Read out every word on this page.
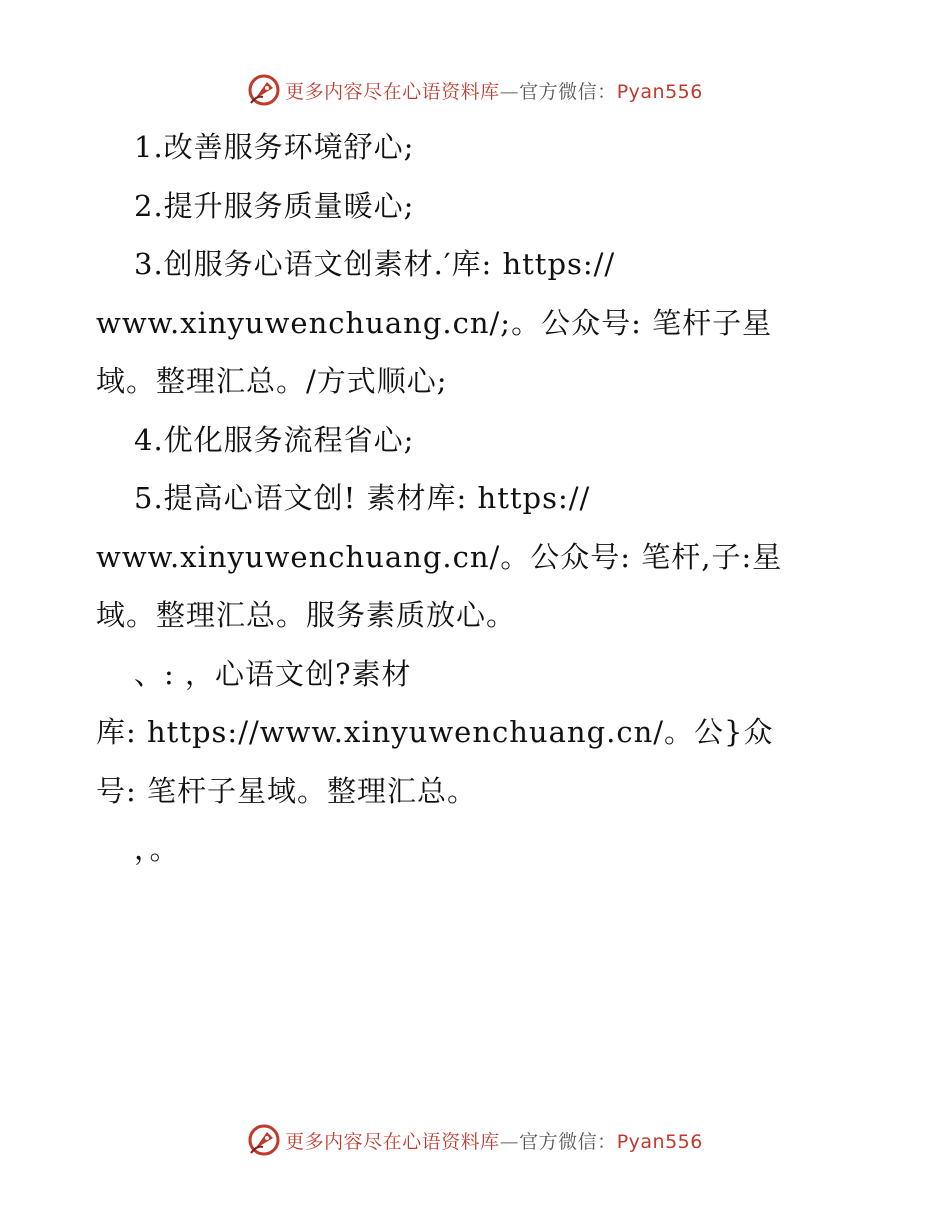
更多内容尽在心语资料库—官方微信：Pyan556
1.改善服务环境舒心;
2.提升服务质量暖心;
3.创服务心语文创素材.′库: https://
www.xinyuwenchuang.cn/;。公众号: 笔杆子星
域。整理汇总。/方式顺心;
4.优化服务流程省心;
5.提高心语文创! 素材库: https://
www.xinyuwenchuang.cn/。公众号: 笔杆,子:星
域。整理汇总。服务素质放心。
、: ，心语文创?素材
库: https://www.xinyuwenchuang.cn/。公}众
号: 笔杆子星域。整理汇总。
，。
更多内容尽在心语资料库—官方微信：Pyan556
